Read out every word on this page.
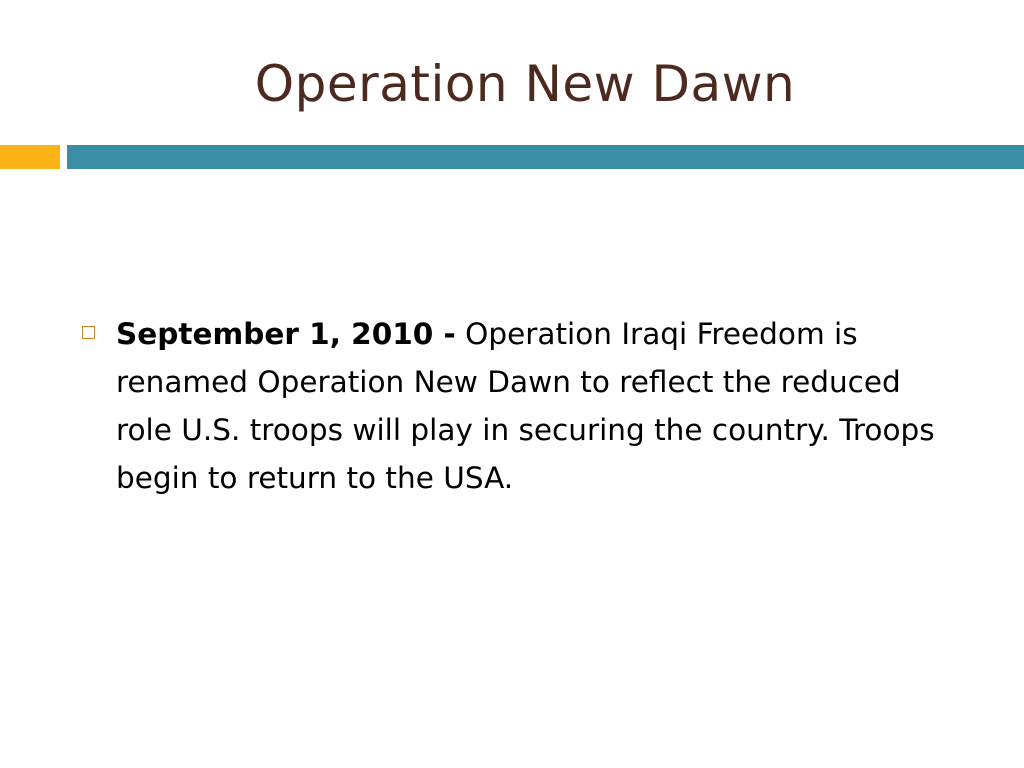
Operation New Dawn
September 1, 2010 - Operation Iraqi Freedom is renamed Operation New Dawn to reflect the reduced role U.S. troops will play in securing the country. Troops begin to return to the USA.
